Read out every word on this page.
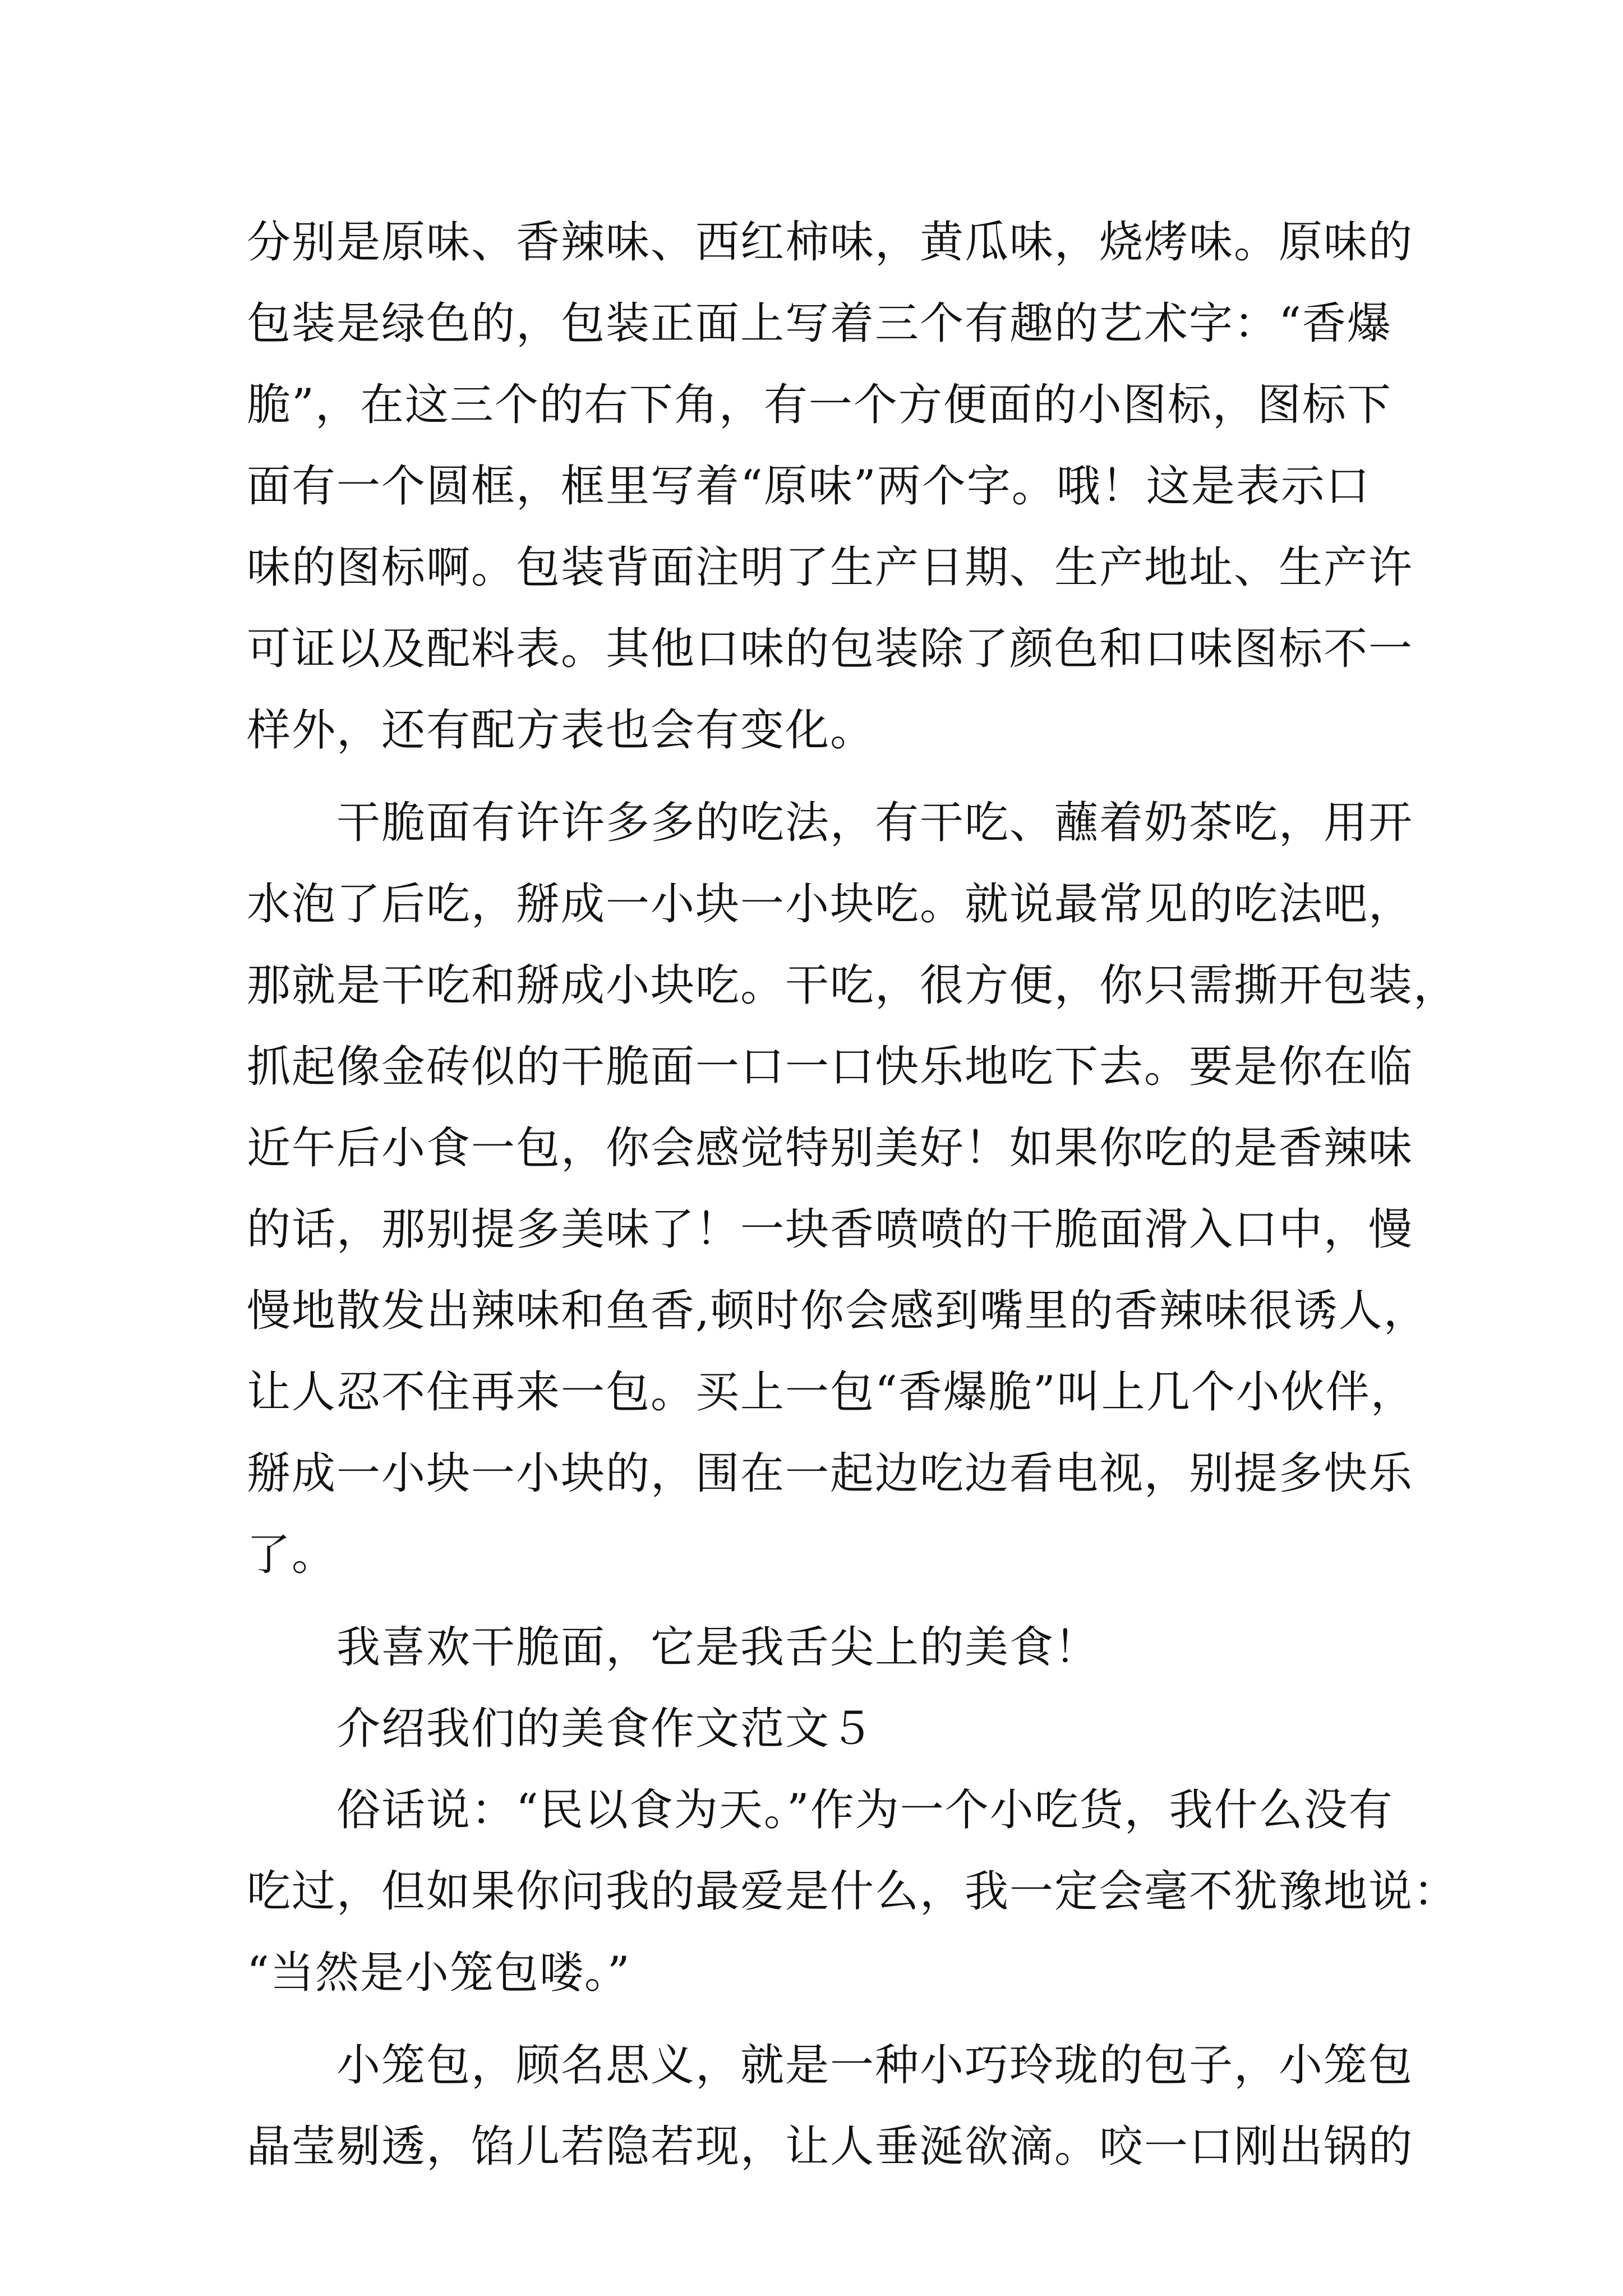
分别是原味、香辣味、西红柿味，黄瓜味，烧烤味。原味的
包装是绿色的，包装正面上写着三个有趣的艺术字：“香爆
脆”，在这三个的右下角，有一个方便面的小图标，图标下
面有一个圆框，框里写着“原味”两个字。哦！这是表示口
味的图标啊。包装背面注明了生产日期、生产地址、生产许
可证以及配料表。其他口味的包装除了颜色和口味图标不一
样外，还有配方表也会有变化。
　　干脆面有许许多多的吃法，有干吃、蘸着奶茶吃，用开
水泡了后吃，掰成一小块一小块吃。就说最常见的吃法吧，
那就是干吃和掰成小块吃。干吃，很方便，你只需撕开包装，
抓起像金砖似的干脆面一口一口快乐地吃下去。要是你在临
近午后小食一包，你会感觉特别美好！如果你吃的是香辣味
的话，那别提多美味了！一块香喷喷的干脆面滑入口中，慢
慢地散发出辣味和鱼香,顿时你会感到嘴里的香辣味很诱人，
让人忍不住再来一包。买上一包“香爆脆”叫上几个小伙伴，
掰成一小块一小块的，围在一起边吃边看电视，别提多快乐
了。
　　我喜欢干脆面，它是我舌尖上的美食！
　　介绍我们的美食作文范文５
　　俗话说：“民以食为天。”作为一个小吃货，我什么没有
吃过，但如果你问我的最爱是什么，我一定会毫不犹豫地说：
“当然是小笼包喽。”
　　小笼包，顾名思义，就是一种小巧玲珑的包子，小笼包
晶莹剔透，馅儿若隐若现，让人垂涎欲滴。咬一口刚出锅的
